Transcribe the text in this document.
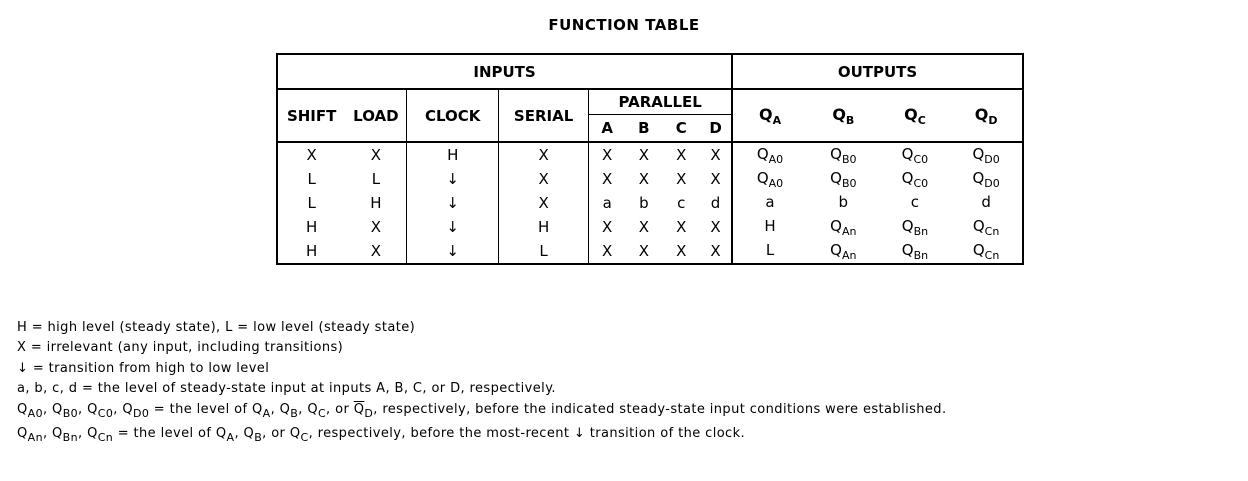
FUNCTION TABLE
INPUTS								OUTPUTS			
SHIFT	LOAD	CLOCK	SERIAL	PARALLEL				$Q_A$	$Q_B$	$Q_C$	$Q_D$
				A	B	C	D				
X	X	H	X	X	X	X	X	$Q_{A0}$	$Q_{B0}$	$Q_{C0}$	$Q_{D0}$
L	L	↓	X	X	X	X	X	$Q_{A0}$	$Q_{B0}$	$Q_{C0}$	$Q_{D0}$
L	H	↓	X	a	b	c	d	a	b	c	d
H	X	↓	H	X	X	X	X	H	$Q_{An}$	$Q_{Bn}$	$Q_{Cn}$
H	X	↓	L	X	X	X	X	L	$Q_{An}$	$Q_{Bn}$	$Q_{Cn}$
H = high level (steady state), L = low level (steady state)
X = irrelevant (any input, including transitions)
↓ = transition from high to low level
a, b, c, d = the level of steady-state input at inputs A, B, C, or D, respectively.
$Q_{A0}$, $Q_{B0}$, $Q_{C0}$, $Q_{D0}$ = the level of $Q_A$, $Q_B$, $Q_C$, or $\overline{Q}_D$, respectively, before the indicated steady-state input conditions were established.
$Q_{An}$, $Q_{Bn}$, $Q_{Cn}$ = the level of $Q_A$, $Q_B$, or $Q_C$, respectively, before the most-recent ↓ transition of the clock.
